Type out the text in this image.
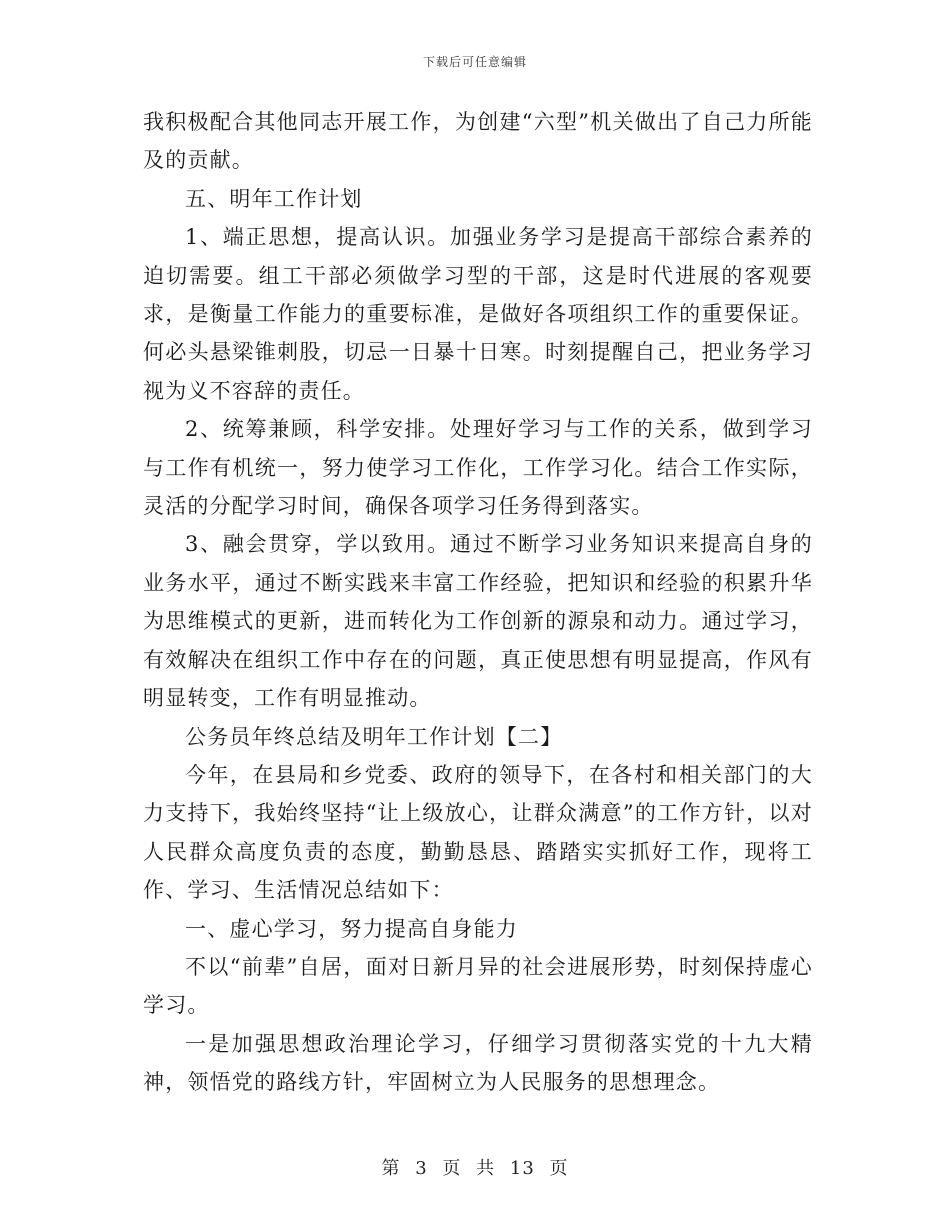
下载后可任意编辑

我积极配合其他同志开展工作，为创建“六型”机关做出了自己力所能及的贡献。

五、明年工作计划

1、端正思想，提高认识。加强业务学习是提高干部综合素养的迫切需要。组工干部必须做学习型的干部，这是时代进展的客观要求，是衡量工作能力的重要标准，是做好各项组织工作的重要保证。何必头悬梁锥刺股，切忌一日暴十日寒。时刻提醒自己，把业务学习视为义不容辞的责任。

2、统筹兼顾，科学安排。处理好学习与工作的关系，做到学习与工作有机统一，努力使学习工作化，工作学习化。结合工作实际，灵活的分配学习时间，确保各项学习任务得到落实。

3、融会贯穿，学以致用。通过不断学习业务知识来提高自身的业务水平，通过不断实践来丰富工作经验，把知识和经验的积累升华为思维模式的更新，进而转化为工作创新的源泉和动力。通过学习，有效解决在组织工作中存在的问题，真正使思想有明显提高，作风有明显转变，工作有明显推动。

公务员年终总结及明年工作计划【二】

今年，在县局和乡党委、政府的领导下，在各村和相关部门的大力支持下，我始终坚持“让上级放心，让群众满意”的工作方针，以对人民群众高度负责的态度，勤勤恳恳、踏踏实实抓好工作，现将工作、学习、生活情况总结如下：

一、虚心学习，努力提高自身能力

不以“前辈”自居，面对日新月异的社会进展形势，时刻保持虚心学习。

一是加强思想政治理论学习，仔细学习贯彻落实党的十九大精神，领悟党的路线方针，牢固树立为人民服务的思想理念。

第 3 页 共 13 页
